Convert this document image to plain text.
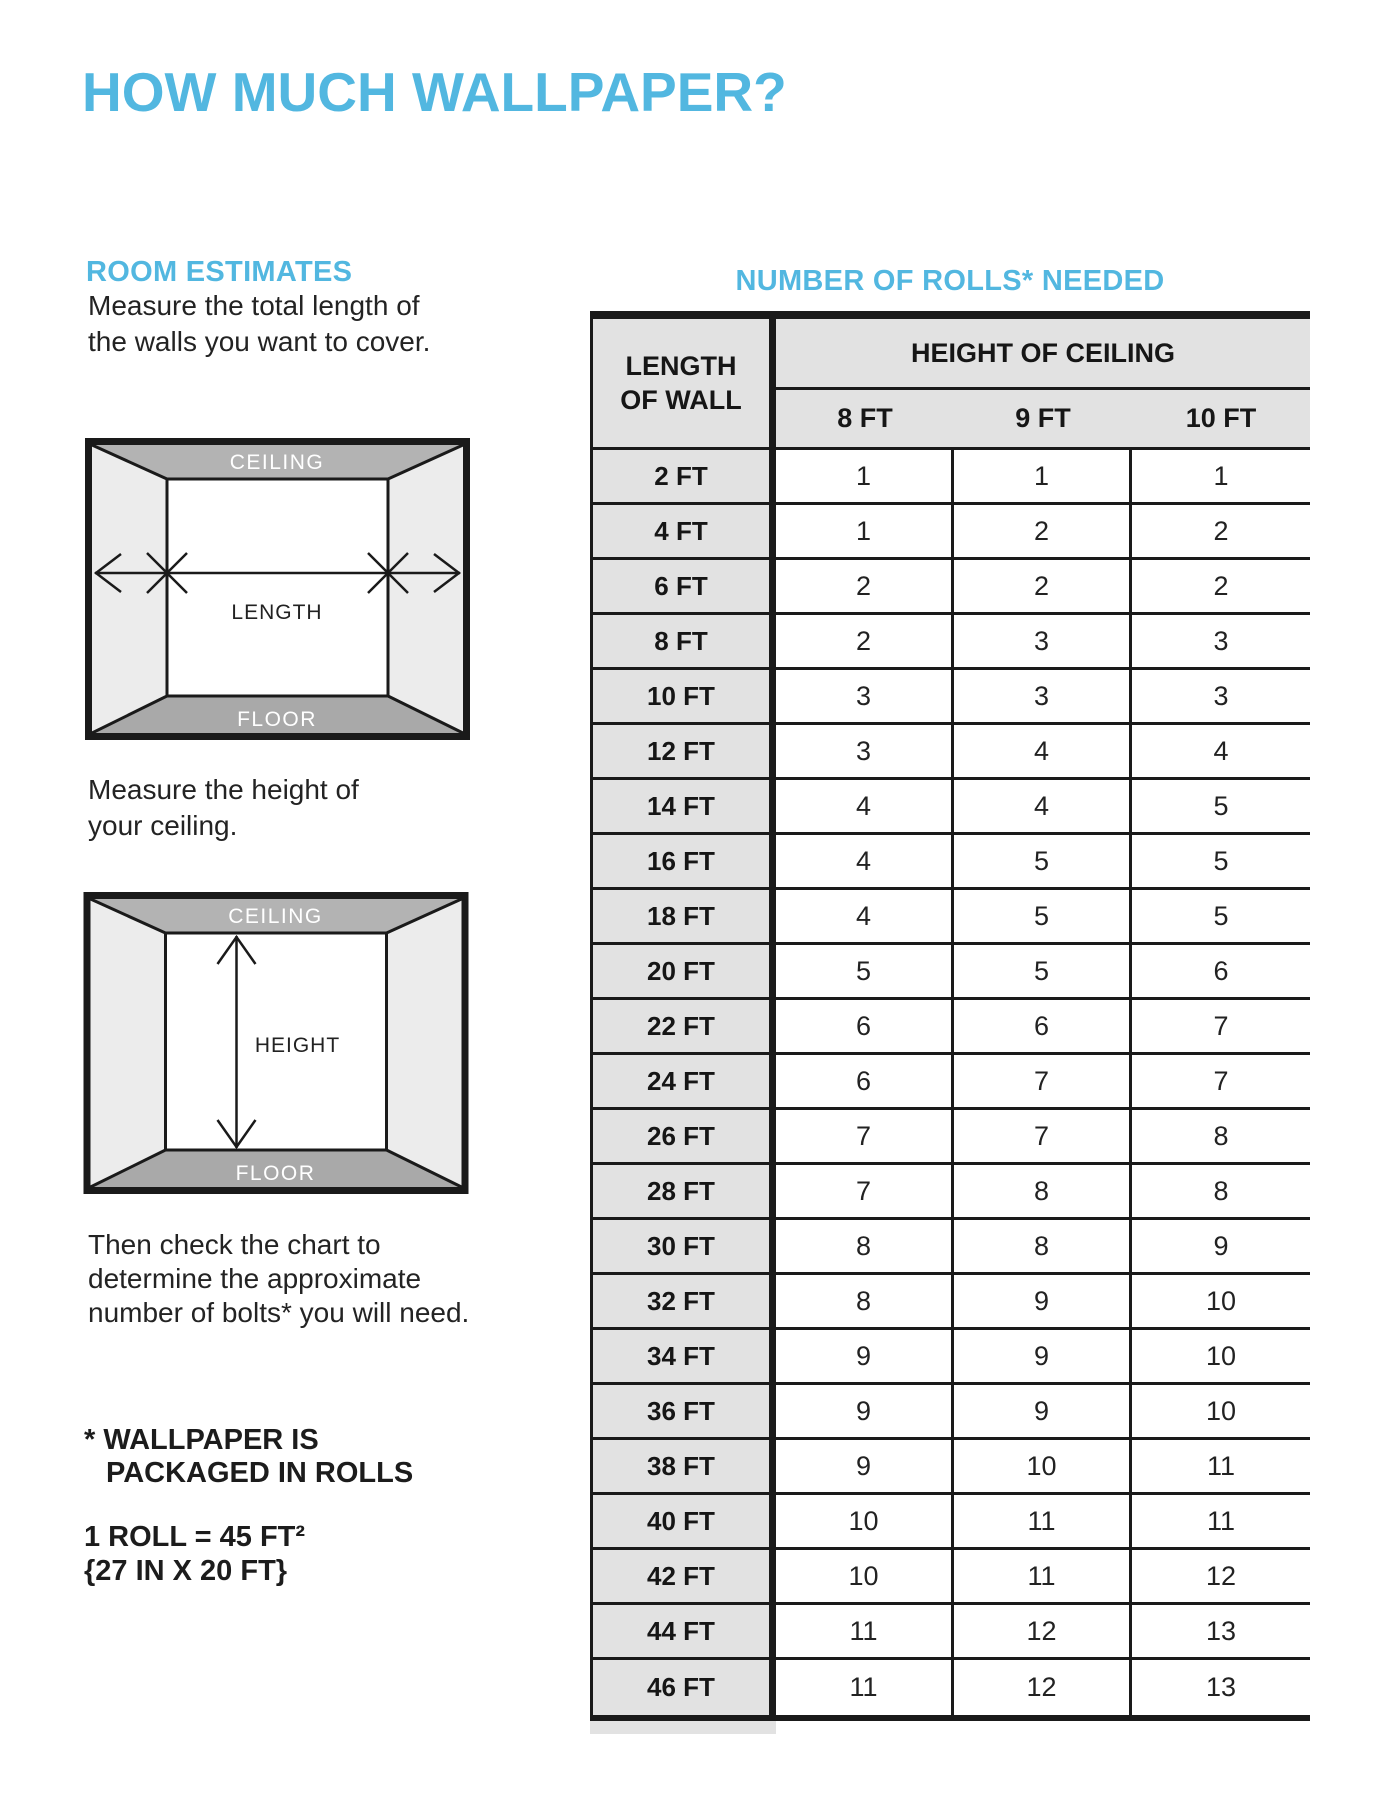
HOW MUCH WALLPAPER?
ROOM ESTIMATES
Measure the total length of
the walls you want to cover.
CEILING
LENGTH
FLOOR
Measure the height of
your ceiling.
CEILING
HEIGHT
FLOOR
Then check the chart to
determine the approximate
number of bolts* you will need.
* WALLPAPER IS
PACKAGED IN ROLLS
1 ROLL = 45 FT²
{27 IN X 20 FT}
NUMBER OF ROLLS* NEEDED
LENGTH
OF WALL
HEIGHT OF CEILING
8 FT	9 FT	10 FT
2 FT	1	1	1
4 FT	1	2	2
6 FT	2	2	2
8 FT	2	3	3
10 FT	3	3	3
12 FT	3	4	4
14 FT	4	4	5
16 FT	4	5	5
18 FT	4	5	5
20 FT	5	5	6
22 FT	6	6	7
24 FT	6	7	7
26 FT	7	7	8
28 FT	7	8	8
30 FT	8	8	9
32 FT	8	9	10
34 FT	9	9	10
36 FT	9	9	10
38 FT	9	10	11
40 FT	10	11	11
42 FT	10	11	12
44 FT	11	12	13
46 FT	11	12	13
